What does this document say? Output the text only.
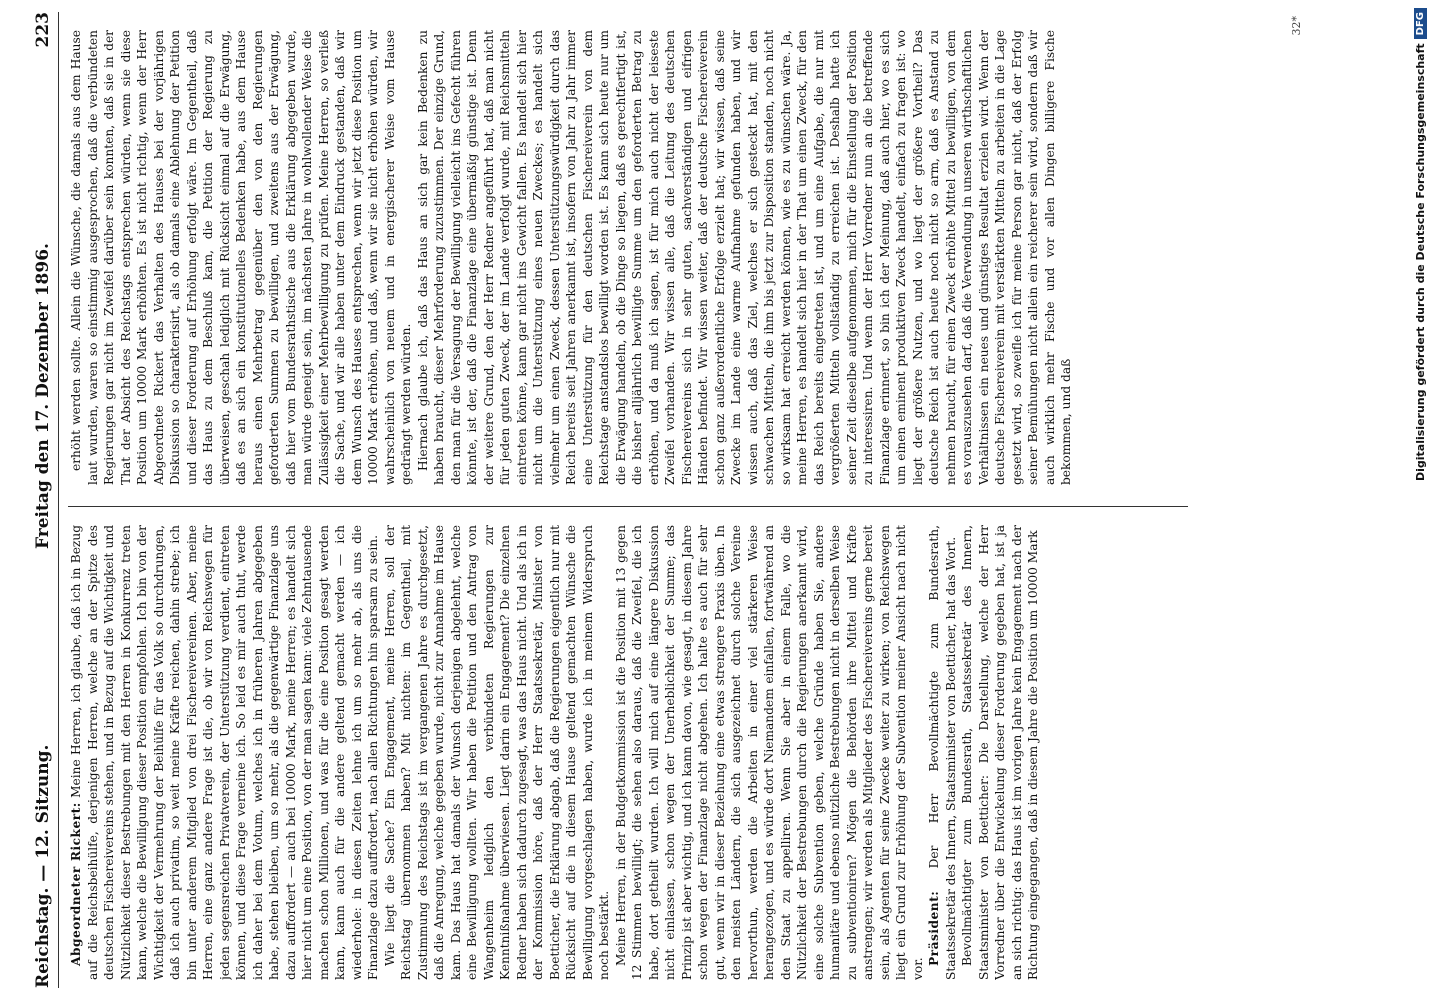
Reichstag. — 12. Sitzung.
Freitag den 17. Dezember 1896.
223

Abgeordneter Rickert: Meine Herren, ich glaube, daß ich in Bezug auf die Reichsbeihülfe, derjenigen Herren, welche an der Spitze des deutschen Fischereivereins stehen, und in Bezug auf die Wichtigkeit und Nützlichkeit dieser Bestrebungen mit den Herren in Konkurrenz treten kann, welche die Bewilligung dieser Position empfohlen. Ich bin von der Wichtigkeit der Vermehrung der Beihülfe für das Volk so durchdrungen, daß ich auch privatim, so weit meine Kräfte reichen, dahin strebe; ich bin unter anderem Mitglied von drei Fischereivereinen. Aber, meine Herren, eine ganz andere Frage ist die, ob wir von Reichswegen für jeden segensreichen Privatverein, der Unterstützung verdient, eintreten können, und diese Frage verneine ich. So leid es mir auch thut, werde ich daher bei dem Votum, welches ich in früheren Jahren abgegeben habe, stehen bleiben, um so mehr, als die gegenwärtige Finanzlage uns dazu auffordert — auch bei 10000 Mark, meine Herren; es handelt sich hier nicht um eine Position, von der man sagen kann: viele Zehntausende machen schon Millionen, und was für die eine Position gesagt werden kann, kann auch für die andere geltend gemacht werden — ich wiederhole: in diesen Zeiten lehne ich um so mehr ab, als uns die Finanzlage dazu auffordert, nach allen Richtungen hin sparsam zu sein. Wie liegt die Sache? Ein Engagement, meine Herren, soll der Reichstag übernommen haben? Mit nichten: im Gegentheil, mit Zustimmung des Reichstags ist im vergangenen Jahre es durchgesetzt, daß die Anregung, welche gegeben wurde, nicht zur Annahme im Hause kam. Das Haus hat damals der Wunsch derjenigen abgelehnt, welche eine Bewilligung wollten. Wir haben die Petition und den Antrag von Wangenheim lediglich den verbündeten Regierungen zur Kenntnißnahme überwiesen. Liegt darin ein Engagement? Die einzelnen Redner haben sich dadurch zugesagt, was das Haus nicht. Und als ich in der Kommission höre, daß der Herr Staatssekretär, Minister von Boetticher, die Erklärung abgab, daß die Regierungen eigentlich nur mit Rücksicht auf die in diesem Hause geltend gemachten Wünsche die Bewilligung vorgeschlagen haben, wurde ich in meinem Widerspruch noch bestärkt. Meine Herren, in der Budgetkommission ist die Position mit 13 gegen 12 Stimmen bewilligt; die sehen also daraus, daß die Zweifel, die ich habe, dort getheilt wurden. Ich will mich auf eine längere Diskussion nicht einlassen, schon wegen der Unerheblichkeit der Summe; das Prinzip ist aber wichtig, und ich kann davon, wie gesagt, in diesem Jahre schon wegen der Finanzlage nicht abgehen. Ich halte es auch für sehr gut, wenn wir in dieser Beziehung eine etwas strengere Praxis üben. In den meisten Ländern, die sich ausgezeichnet durch solche Vereine hervorthun, werden die Arbeiten in einer viel stärkeren Weise herangezogen, und es würde dort Niemandem einfallen, fortwährend an den Staat zu appelliren. Wenn Sie aber in einem Falle, wo die Nützlichkeit der Bestrebungen durch die Regierungen anerkannt wird, eine solche Subvention geben, welche Gründe haben Sie, andere humanitäre und ebenso nützliche Bestrebungen nicht in derselben Weise zu subventioniren? Mögen die Behörden ihre Mittel und Kräfte anstrengen; wir werden als Mitglieder des Fischereivereins gerne bereit sein, als Agenten für seine Zwecke weiter zu wirken; von Reichswegen liegt ein Grund zur Erhöhung der Subvention meiner Ansicht nach nicht vor.

Präsident: Der Herr Bevollmächtigte zum Bundesrath, Staatssekretär des Innern, Staatsminister von Boetticher, hat das Wort. Bevollmächtigter zum Bundesrath, Staatssekretär des Innern, Staatsminister von Boetticher: Die Darstellung, welche der Herr Vorredner über die Entwickelung dieser Forderung gegeben hat, ist ja an sich richtig: das Haus ist im vorigen Jahre kein Engagement nach der Richtung eingegangen, daß in diesem Jahre die Position um 10000 Mark

erhöht werden sollte. Allein die Wünsche, die damals aus dem Hause laut wurden, waren so einstimmig ausgesprochen, daß die verbündeten Regierungen gar nicht im Zweifel darüber sein konnten, daß sie in der That der Absicht des Reichstags entsprechen würden, wenn sie diese Position um 10000 Mark erhöhten. Es ist nicht richtig, wenn der Herr Abgeordnete Rickert das Verhalten des Hauses bei der vorjährigen Diskussion so charakterisirt, als ob damals eine Ablehnung der Petition und dieser Forderung auf Erhöhung erfolgt wäre. Im Gegentheil, daß das Haus zu dem Beschluß kam, die Petition der Regierung zu überweisen, geschah lediglich mit Rücksicht einmal auf die Erwägung, daß es an sich ein konstitutionelles Bedenken habe, aus dem Hause heraus einen Mehrbetrag gegenüber den von den Regierungen geforderten Summen zu bewilligen, und zweitens aus der Erwägung, daß hier vom Bundesrathstische aus die Erklärung abgegeben wurde, man würde geneigt sein, im nächsten Jahre in wohlwollender Weise die Zulässigkeit einer Mehrbewilligung zu prüfen. Meine Herren, so verließ die Sache, und wir alle haben unter dem Eindruck gestanden, daß wir dem Wunsch des Hauses entsprechen, wenn wir jetzt diese Position um 10000 Mark erhöhen, und daß, wenn wir sie nicht erhöhen würden, wir wahrscheinlich von neuem und in energischerer Weise vom Hause gedrängt werden würden. Hiernach glaube ich, daß das Haus an sich gar kein Bedenken zu haben braucht, dieser Mehrforderung zuzustimmen. Der einzige Grund, den man für die Versagung der Bewilligung vielleicht ins Gefecht führen könnte, ist der, daß die Finanzlage eine übermäßig günstige ist. Denn der weitere Grund, den der Herr Redner angeführt hat, daß man nicht für jeden guten Zweck, der im Lande verfolgt wurde, mit Reichsmitteln eintreten könne, kann gar nicht ins Gewicht fallen. Es handelt sich hier nicht um die Unterstützung eines neuen Zweckes; es handelt sich vielmehr um einen Zweck, dessen Unterstützungswürdigkeit durch das Reich bereits seit Jahren anerkannt ist, insofern von Jahr zu Jahr immer eine Unterstützung für den deutschen Fischereiverein von dem Reichstage anstandslos bewilligt worden ist. Es kann sich heute nur um die Erwägung handeln, ob die Dinge so liegen, daß es gerechtfertigt ist, die bisher alljährlich bewilligte Summe um den geforderten Betrag zu erhöhen, und da muß ich sagen, ist für mich auch nicht der leiseste Zweifel vorhanden. Wir wissen alle, daß die Leitung des deutschen Fischereivereins sich in sehr guten, sachverständigen und eifrigen Händen befindet. Wir wissen weiter, daß der deutsche Fischereiverein schon ganz außerordentliche Erfolge erzielt hat; wir wissen, daß seine Zwecke im Lande eine warme Aufnahme gefunden haben, und wir wissen auch, daß das Ziel, welches er sich gesteckt hat, mit den schwachen Mitteln, die ihm bis jetzt zur Disposition standen, noch nicht so wirksam hat erreicht werden können, wie es zu wünschen wäre. Ja, meine Herren, es handelt sich hier in der That um einen Zweck, für den das Reich bereits eingetreten ist, und um eine Aufgabe, die nur mit vergrößerten Mitteln vollständig zu erreichen ist. Deshalb hatte ich seiner Zeit dieselbe aufgenommen, mich für die Einstellung der Position zu interessiren. Und wenn der Herr Vorredner nun an die betreffende Finanzlage erinnert, so bin ich der Meinung, daß auch hier, wo es sich um einen eminent produktiven Zweck handelt, einfach zu fragen ist: wo liegt der größere Nutzen, und wo liegt der größere Vortheil? Das deutsche Reich ist auch heute noch nicht so arm, daß es Anstand zu nehmen braucht, für einen Zweck erhöhte Mittel zu bewilligen, von dem es vorauszusehen darf, daß die Verwendung in unseren wirthschaftlichen Verhältnissen ein neues und günstiges Resultat erzielen wird. Wenn der deutsche Fischereiverein mit verstärkten Mitteln zu arbeiten in die Lage gesetzt wird, so zweifle ich für meine Person gar nicht, daß der Erfolg seiner Bemühungen nicht allein ein reicherer sein wird, sondern daß wir auch wirklich mehr Fische und vor allen Dingen billigere Fische bekommen, und daß

32*
Digitalisierung gefördert durch die Deutsche Forschungsgemeinschaft
DFG
